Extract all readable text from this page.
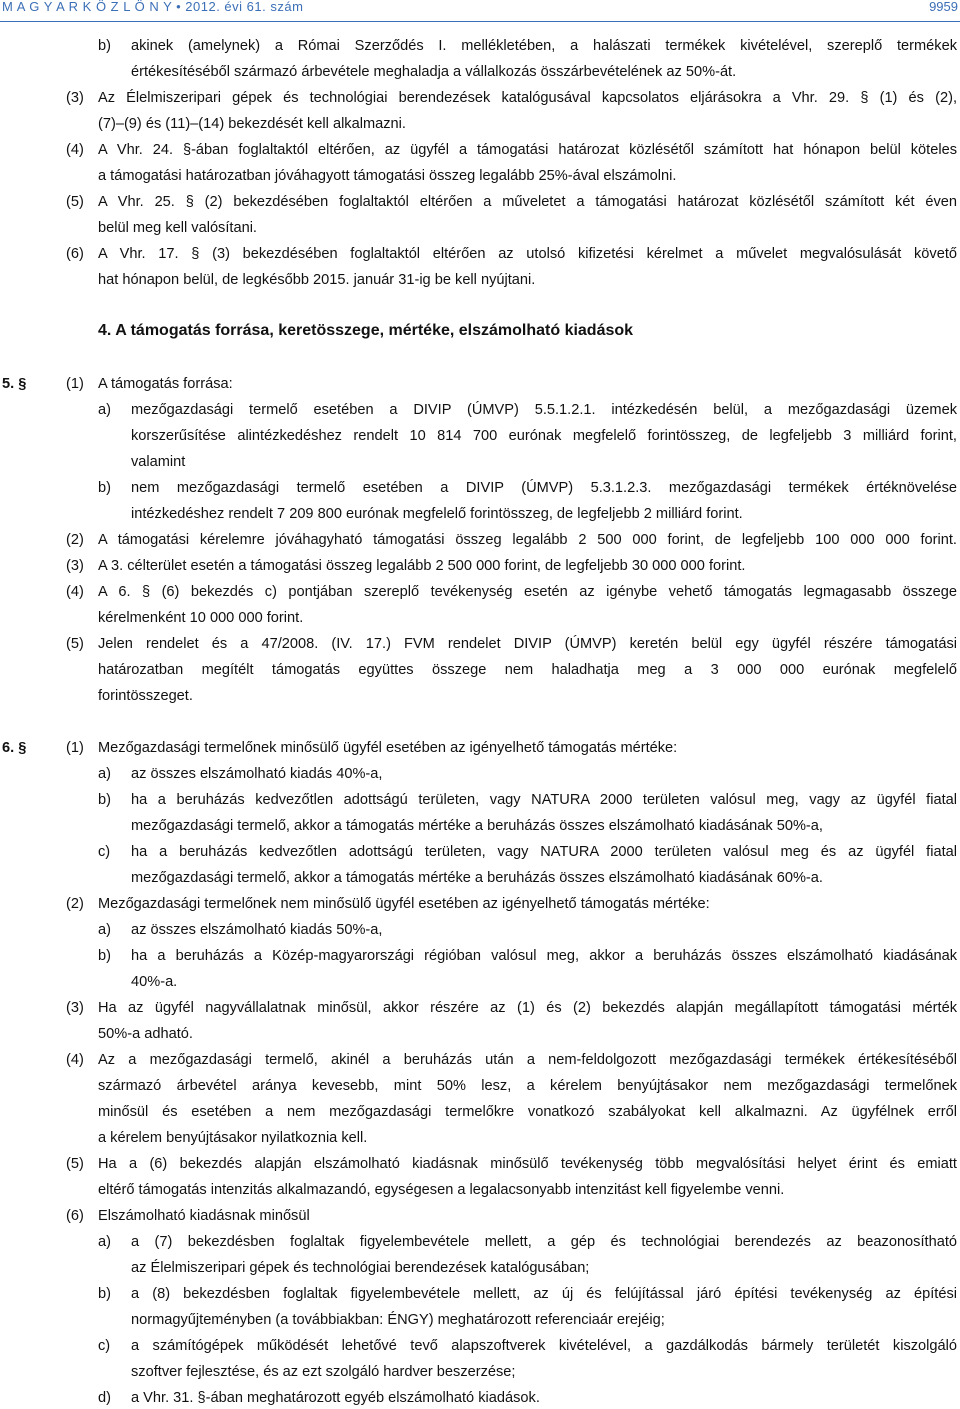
M A G Y A R K Ö Z L Ö N Y • 2012. évi 61. szám	9959
b) akinek (amelynek) a Római Szerződés I. mellékletében, a halászati termékek kivételével, szereplő termékek
értékesítéséből származó árbevétele meghaladja a vállalkozás összárbevételének az 50%-át.
(3) Az Élelmiszeripari gépek és technológiai berendezések katalógusával kapcsolatos eljárásokra a Vhr. 29. § (1) és (2),
(7)–(9) és (11)–(14) bekezdését kell alkalmazni.
(4) A Vhr. 24. §-ában foglaltaktól eltérően, az ügyfél a támogatási határozat közlésétől számított hat hónapon belül köteles
a támogatási határozatban jóváhagyott támogatási összeg legalább 25%-ával elszámolni.
(5) A Vhr. 25. § (2) bekezdésében foglaltaktól eltérően a műveletet a támogatási határozat közlésétől számított két éven
belül meg kell valósítani.
(6) A Vhr. 17. § (3) bekezdésében foglaltaktól eltérően az utolsó kifizetési kérelmet a művelet megvalósulását követő
hat hónapon belül, de legkésőbb 2015. január 31-ig be kell nyújtani.
4. A támogatás forrása, keretösszege, mértéke, elszámolható kiadások
5. §	(1) A támogatás forrása:
a) mezőgazdasági termelő esetében a DIVIP (ÚMVP) 5.5.1.2.1. intézkedésén belül, a mezőgazdasági üzemek
korszerűsítése alintézkedéshez rendelt 10 814 700 eurónak megfelelő forintösszeg, de legfeljebb 3 milliárd forint,
valamint
b) nem mezőgazdasági termelő esetében a DIVIP (ÚMVP) 5.3.1.2.3. mezőgazdasági termékek értéknövelése
intézkedéshez rendelt 7 209 800 eurónak megfelelő forintösszeg, de legfeljebb 2 milliárd forint.
(2) A támogatási kérelemre jóváhagyható támogatási összeg legalább 2 500 000 forint, de legfeljebb 100 000 000 forint.
(3) A 3. célterület esetén a támogatási összeg legalább 2 500 000 forint, de legfeljebb 30 000 000 forint.
(4) A 6. § (6) bekezdés c) pontjában szereplő tevékenység esetén az igénybe vehető támogatás legmagasabb összege
kérelmenként 10 000 000 forint.
(5) Jelen rendelet és a 47/2008. (IV. 17.) FVM rendelet DIVIP (ÚMVP) keretén belül egy ügyfél részére támogatási
határozatban megítélt támogatás együttes összege nem haladhatja meg a 3 000 000 eurónak megfelelő
forintösszeget.
6. §	(1) Mezőgazdasági termelőnek minősülő ügyfél esetében az igényelhető támogatás mértéke:
a) az összes elszámolható kiadás 40%-a,
b) ha a beruházás kedvezőtlen adottságú területen, vagy NATURA 2000 területen valósul meg, vagy az ügyfél fiatal
mezőgazdasági termelő, akkor a támogatás mértéke a beruházás összes elszámolható kiadásának 50%-a,
c) ha a beruházás kedvezőtlen adottságú területen, vagy NATURA 2000 területen valósul meg és az ügyfél fiatal
mezőgazdasági termelő, akkor a támogatás mértéke a beruházás összes elszámolható kiadásának 60%-a.
(2) Mezőgazdasági termelőnek nem minősülő ügyfél esetében az igényelhető támogatás mértéke:
a) az összes elszámolható kiadás 50%-a,
b) ha a beruházás a Közép-magyarországi régióban valósul meg, akkor a beruházás összes elszámolható kiadásának
40%-a.
(3) Ha az ügyfél nagyvállalatnak minősül, akkor részére az (1) és (2) bekezdés alapján megállapított támogatási mérték
50%-a adható.
(4) Az a mezőgazdasági termelő, akinél a beruházás után a nem-feldolgozott mezőgazdasági termékek értékesítéséből
származó árbevétel aránya kevesebb, mint 50% lesz, a kérelem benyújtásakor nem mezőgazdasági termelőnek
minősül és esetében a nem mezőgazdasági termelőkre vonatkozó szabályokat kell alkalmazni. Az ügyfélnek erről
a kérelem benyújtásakor nyilatkoznia kell.
(5) Ha a (6) bekezdés alapján elszámolható kiadásnak minősülő tevékenység több megvalósítási helyet érint és emiatt
eltérő támogatás intenzitás alkalmazandó, egységesen a legalacsonyabb intenzitást kell figyelembe venni.
(6) Elszámolható kiadásnak minősül
a) a (7) bekezdésben foglaltak figyelembevétele mellett, a gép és technológiai berendezés az beazonosítható
az Élelmiszeripari gépek és technológiai berendezések katalógusában;
b) a (8) bekezdésben foglaltak figyelembevétele mellett, az új és felújítással járó építési tevékenység az építési
normagyűjteményben (a továbbiakban: ÉNGY) meghatározott referenciaár erejéig;
c) a számítógépek működését lehetővé tevő alapszoftverek kivételével, a gazdálkodás bármely területét kiszolgáló
szoftver fejlesztése, és az ezt szolgáló hardver beszerzése;
d) a Vhr. 31. §-ában meghatározott egyéb elszámolható kiadások.
